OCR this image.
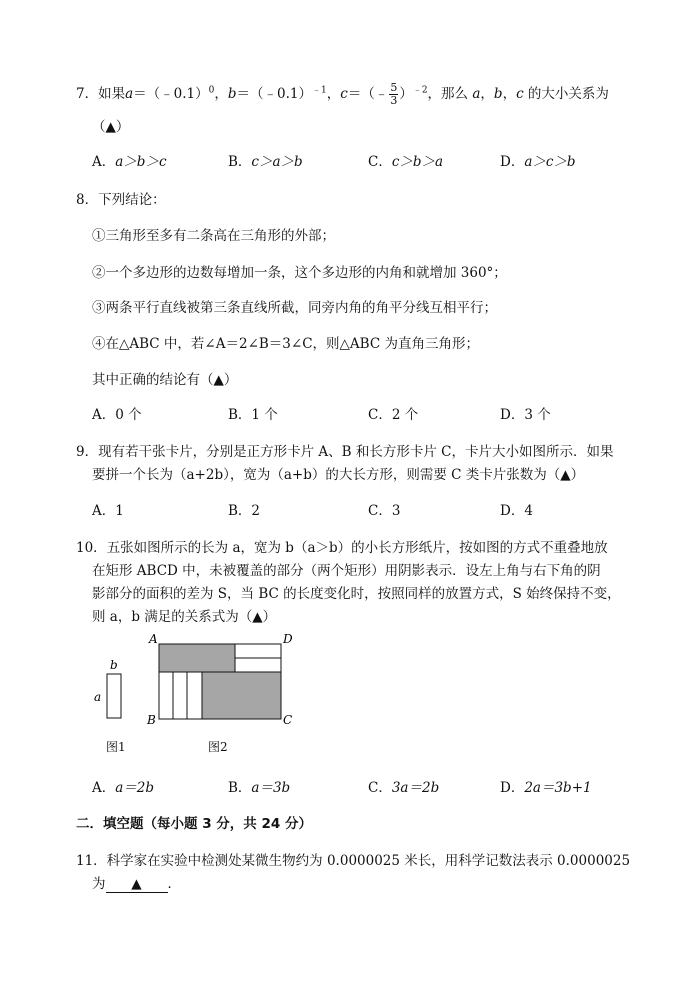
7．如果a＝（﹣0.1）$^0$，b＝（﹣0.1）$^{﹣1}$，c＝（﹣ $\frac{5}{3} )^{﹣2}$，那么 a，b，c 的大小关系为
（▲）
A．a＞b＞c	B．c＞a＞b	C．c＞b＞a	D．a＞c＞b
8．下列结论：
①三角形至多有二条高在三角形的外部；
②一个多边形的边数每增加一条，这个多边形的内角和就增加 360°；
③两条平行直线被第三条直线所截，同旁内角的角平分线互相平行；
④在△ABC 中，若∠A＝2∠B＝3∠C，则△ABC 为直角三角形；
其中正确的结论有（▲）
A．0 个	B．1 个	C．2 个	D．3 个
9．现有若干张卡片，分别是正方形卡片 A、B 和长方形卡片 C，卡片大小如图所示．如果
要拼一个长为（a+2b），宽为（a+b）的大长方形，则需要 C 类卡片张数为（▲）
A．1	B．2	C．3	D．4
10．五张如图所示的长为 a，宽为 b（a＞b）的小长方形纸片，按如图的方式不重叠地放
在矩形 ABCD 中，未被覆盖的部分（两个矩形）用阴影表示．设左上角与右下角的阴
影部分的面积的差为 S，当 BC 的长度变化时，按照同样的放置方式，S 始终保持不变，
则 a，b 满足的关系式为（▲）
b
a
图1
A	D
B	C
图2
A．a＝2b	B．a＝3b	C．3a＝2b	D．2a＝3b+1
二．填空题（每小题 3 分，共 24 分）
11．科学家在实验中检测处某微生物约为 0.0000025 米长，用科学记数法表示 0.0000025
为 ▲ ．
